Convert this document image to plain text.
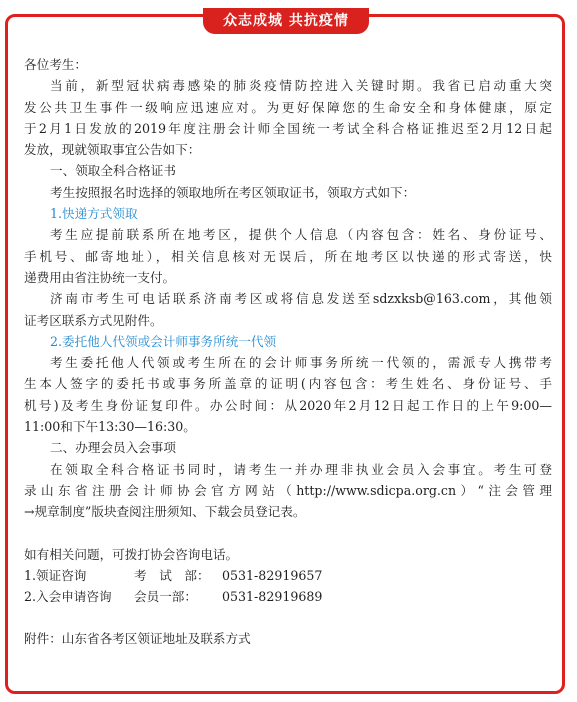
众志成城 共抗疫情
各位考生：
当前，新型冠状病毒感染的肺炎疫情防控进入关键时期。我省已启动重大突
发公共卫生事件一级响应迅速应对。为更好保障您的生命安全和身体健康，原定
于2月1日发放的2019年度注册会计师全国统一考试全科合格证推迟至2月12日起
发放，现就领取事宜公告如下：
一、领取全科合格证书
考生按照报名时选择的领取地所在考区领取证书，领取方式如下：
1.快递方式领取
考生应提前联系所在地考区，提供个人信息（内容包含：姓名、身份证号、
手机号、邮寄地址），相关信息核对无误后，所在地考区以快递的形式寄送，快
递费用由省注协统一支付。
济南市考生可电话联系济南考区或将信息发送至sdzxksb@163.com，其他领
证考区联系方式见附件。
2.委托他人代领或会计师事务所统一代领
考生委托他人代领或考生所在的会计师事务所统一代领的，需派专人携带考
生本人签字的委托书或事务所盖章的证明(内容包含：考生姓名、身份证号、手
机号)及考生身份证复印件。办公时间：从2020年2月12日起工作日的上午9:00—
11:00和下午13:30—16:30。
二、办理会员入会事项
在领取全科合格证书同时，请考生一并办理非执业会员入会事宜。考生可登
录山东省注册会计师协会官方网站（http://www.sdicpa.org.cn）“注会管理
→规章制度”版块查阅注册须知、下载会员登记表。
如有相关问题，可拨打协会咨询电话。
1.领证咨询	考　试　部： 0531-82919657
2.入会申请咨询	会员一部：	0531-82919689
附件：山东省各考区领证地址及联系方式
